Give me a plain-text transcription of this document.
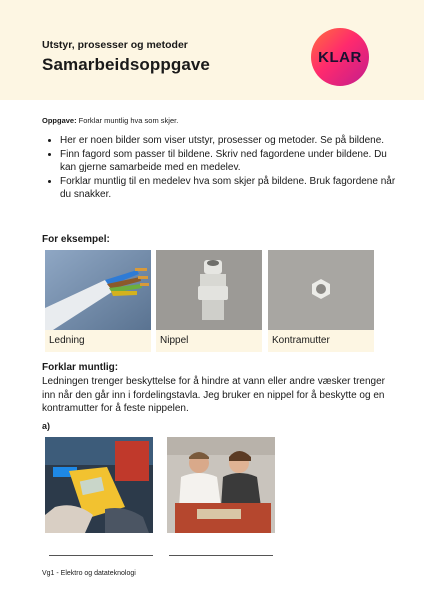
Utstyr, prosesser og metoder
Samarbeidsoppgave	KLAR
Oppgave: Forklar muntlig hva som skjer.
• Her er noen bilder som viser utstyr, prosesser og metoder. Se på bildene.
• Finn fagord som passer til bildene. Skriv ned fagordene under bildene. Du kan gjerne samarbeide med en medelev.
• Forklar muntlig til en medelev hva som skjer på bildene. Bruk fagordene når du snakker.
For eksempel:
Ledning	Nippel	Kontramutter
Forklar muntlig:
Ledningen trenger beskyttelse for å hindre at vann eller andre væsker trenger inn når den går inn i fordelingstavla. Jeg bruker en nippel for å beskytte og en kontramutter for å feste nippelen.
a)
Vg1 - Elektro og datateknologi
